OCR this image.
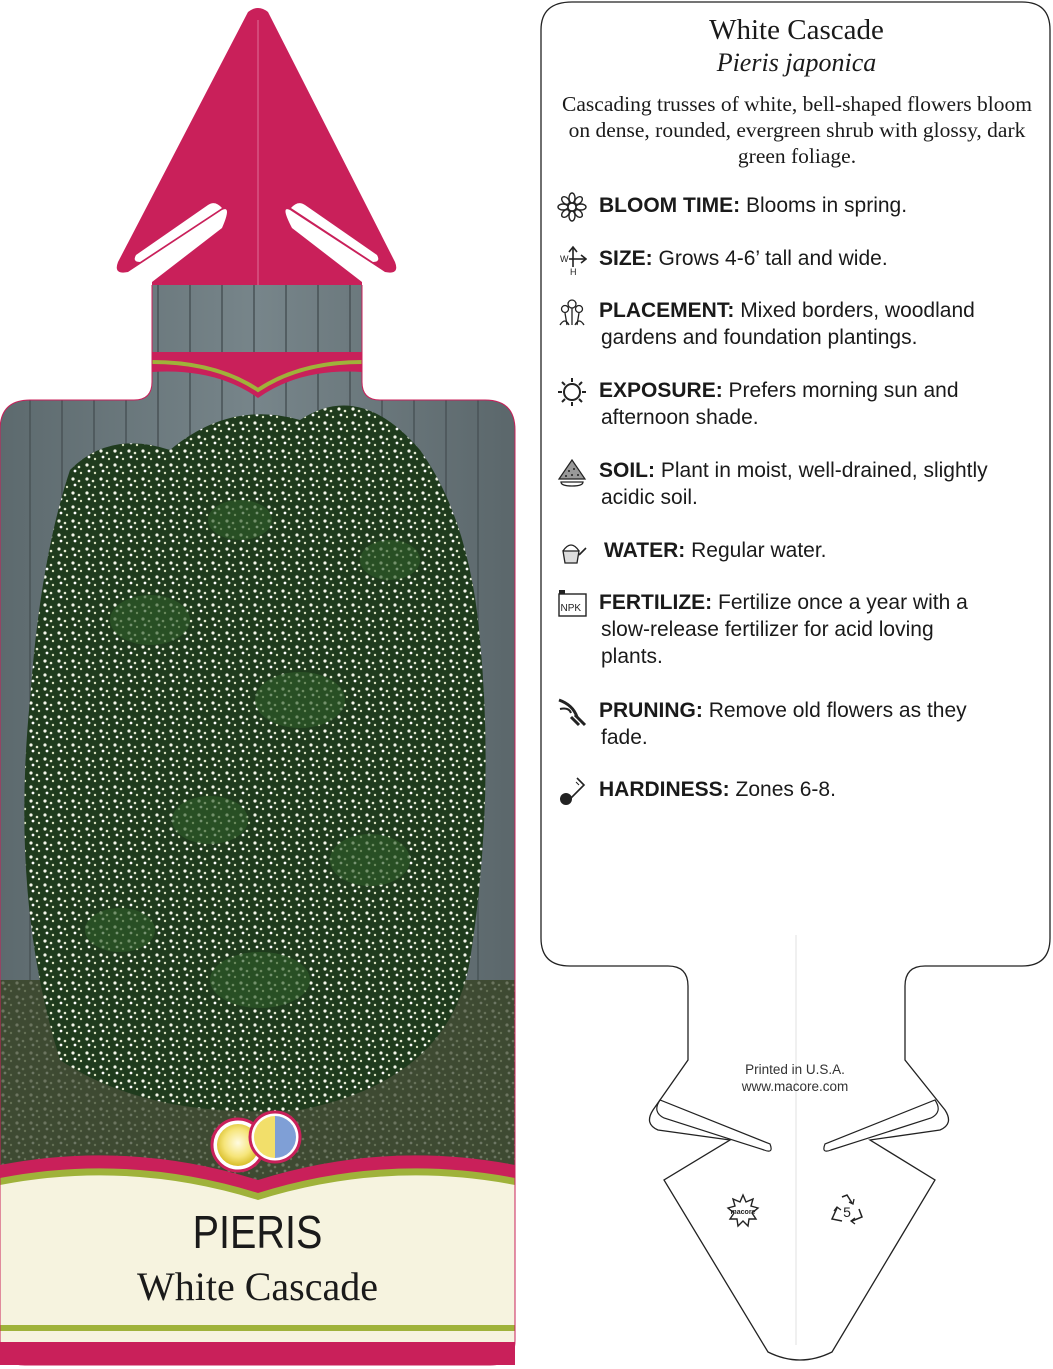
PIERIS
White Cascade
White Cascade
Pieris japonica
Cascading trusses of white, bell-shaped flowers bloom on dense, rounded, evergreen shrub with glossy, dark green foliage.
BLOOM TIME: Blooms in spring.
W
H
SIZE: Grows 4-6’ tall and wide.
PLACEMENT: Mixed borders, woodland
gardens and foundation plantings.
EXPOSURE: Prefers morning sun and
afternoon shade.
SOIL: Plant in moist, well-drained, slightly
acidic soil.
WATER: Regular water.
NPK FERTILIZE: Fertilize once a year with a
slow-release fertilizer for acid loving plants.
PRUNING: Remove old flowers as they
fade.
HARDINESS: Zones 6-8.
Printed in U.S.A.
www.macore.com
macore	5
